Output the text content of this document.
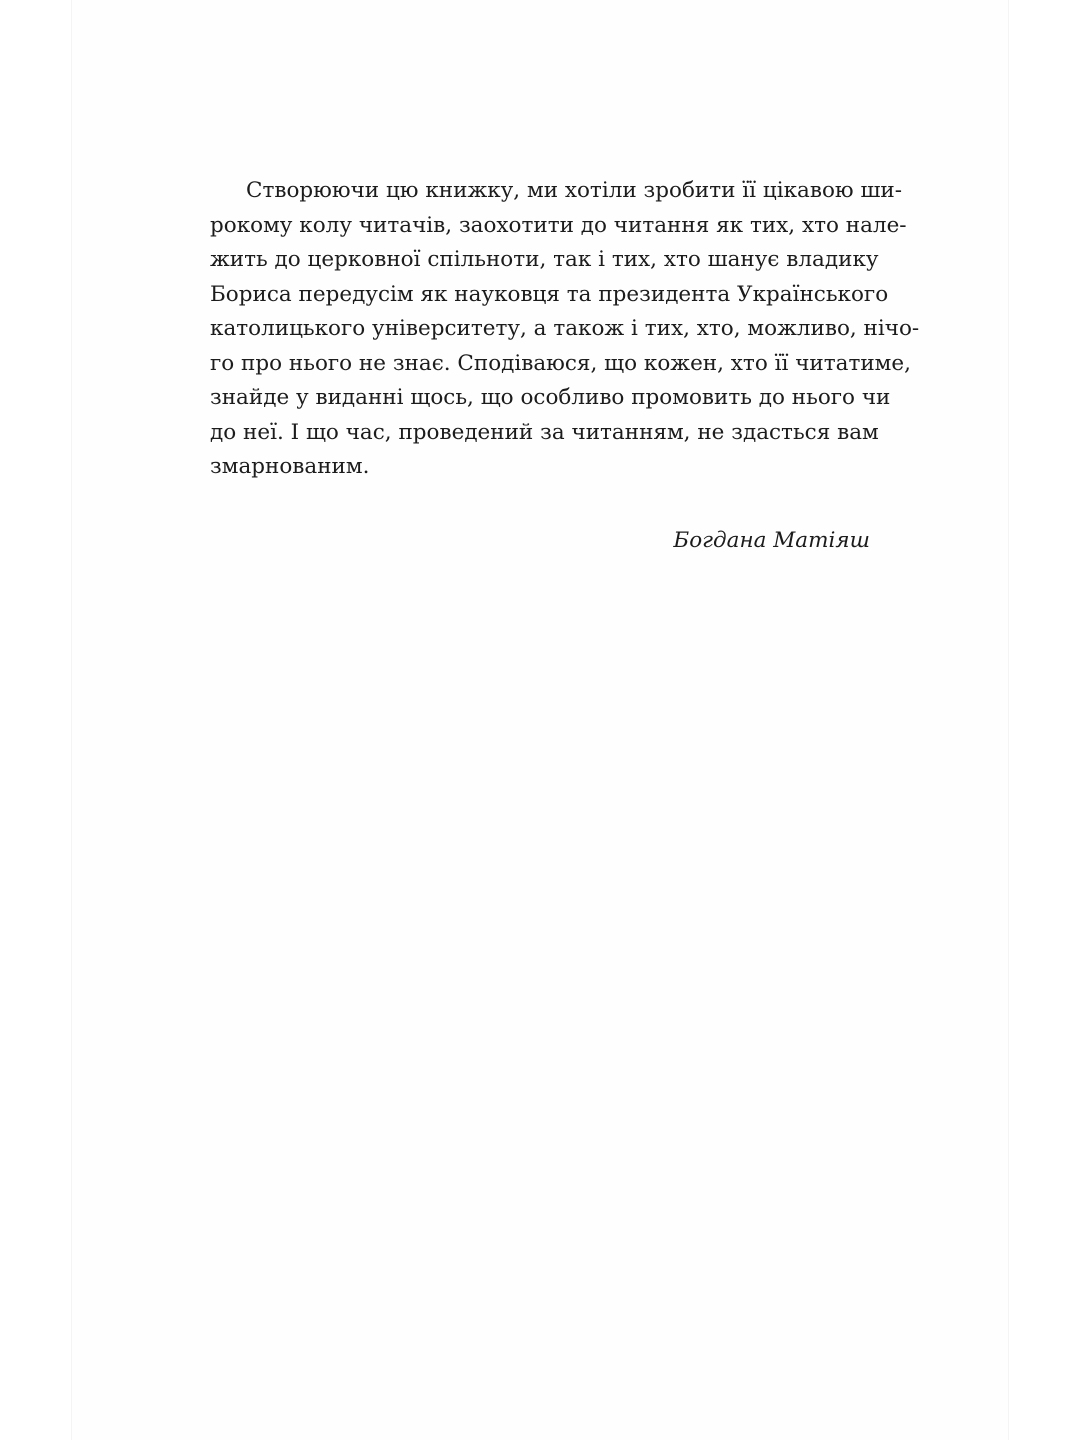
Створюючи цю книжку, ми хотіли зробити її цікавою ши-
рокому колу читачів, заохотити до читання як тих, хто нале-
жить до церковної спільноти, так і тих, хто шанує владику
Бориса передусім як науковця та президента Українського
католицького університету, а також і тих, хто, можливо, нічо-
го про нього не знає. Сподіваюся, що кожен, хто її читатиме,
знайде у виданні щось, що особливо промовить до нього чи
до неї. І що час, проведений за читанням, не здасться вам
змарнованим.
Богдана Матіяш
